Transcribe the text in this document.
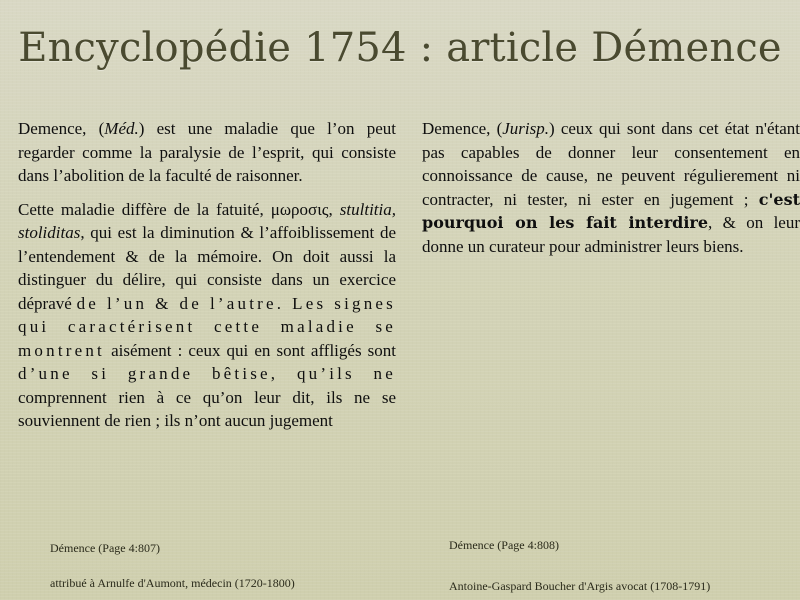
Encyclopédie 1754 : article Démence

Demence, (Méd.) est une maladie que l’on peut regarder comme la paralysie de l’esprit, qui consiste dans l’abolition de la faculté de raisonner.

Cette maladie diffère de la fatuité, μωροσις, stultitia, stoliditas, qui est la diminution & l’affoiblissement de l’entendement & de la mémoire. On doit aussi la distinguer du délire, qui consiste dans un exercice dépravé de l’un & de l’autre. Les signes qui caractérisent cette maladie se montrent aisément : ceux qui en sont affligés sont d’une si grande bêtise, qu’ils ne comprennent rien à ce qu’on leur dit, ils ne se souviennent de rien ; ils n’ont aucun jugement

Demence, (Jurisp.) ceux qui sont dans cet état n'étant pas capables de donner leur consentement en connoissance de cause, ne peuvent régulierement ni contracter, ni tester, ni ester en jugement ; c'est pourquoi on les fait interdire, & on leur donne un curateur pour administrer leurs biens.

Démence (Page 4:807)
attribué à Arnulfe d'Aumont, médecin (1720-1800)
Démence (Page 4:808)
Antoine-Gaspard Boucher d'Argis avocat (1708-1791)
